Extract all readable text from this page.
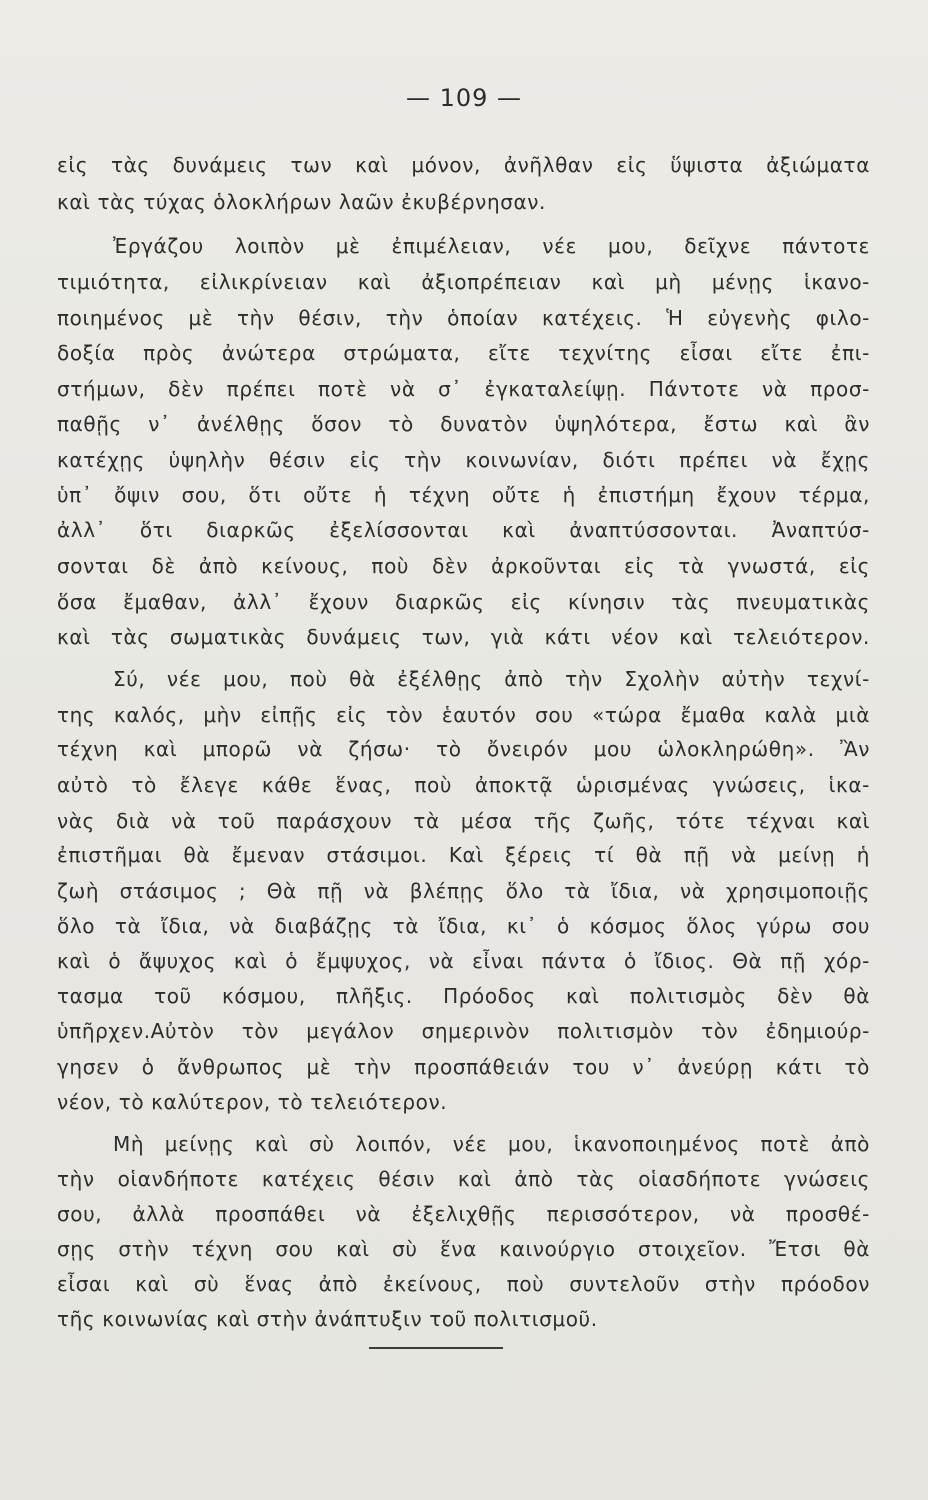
— 109 —
εἰς τὰς δυνάμεις των καὶ μόνον, ἀνῆλθαν εἰς ὕψιστα ἀξιώματα
καὶ τὰς τύχας ὁλοκλήρων λαῶν ἐκυβέρνησαν.
Ἐργάζου λοιπὸν μὲ ἐπιμέλειαν, νέε μου, δεῖχνε πάντοτε
τιμιότητα, εἰλικρίνειαν καὶ ἀξιοπρέπειαν καὶ μὴ μένῃς ἱκανο-
ποιημένος μὲ τὴν θέσιν, τὴν ὁποίαν κατέχεις. Ἡ εὐγενὴς φιλο-
δοξία πρὸς ἀνώτερα στρώματα, εἴτε τεχνίτης εἶσαι εἴτε ἐπι-
στήμων, δὲν πρέπει ποτὲ νὰ σ᾽ ἐγκαταλείψῃ. Πάντοτε νὰ προσ-
παθῇς ν᾽ ἀνέλθῃς ὅσον τὸ δυνατὸν ὑψηλότερα, ἔστω καὶ ἂν
κατέχῃς ὑψηλὴν θέσιν εἰς τὴν κοινωνίαν, διότι πρέπει νὰ ἔχῃς
ὑπ᾽ ὄψιν σου, ὅτι οὔτε ἡ τέχνη οὔτε ἡ ἐπιστήμη ἔχουν τέρμα,
ἀλλ᾽ ὅτι διαρκῶς ἐξελίσσονται καὶ ἀναπτύσσονται. Ἀναπτύσ-
σονται δὲ ἀπὸ κείνους, ποὺ δὲν ἀρκοῦνται εἰς τὰ γνωστά, εἰς
ὅσα ἔμαθαν, ἀλλ᾽ ἔχουν διαρκῶς εἰς κίνησιν τὰς πνευματικὰς
καὶ τὰς σωματικὰς δυνάμεις των, γιὰ κάτι νέον καὶ τελειότερον.
Σύ, νέε μου, ποὺ θὰ ἐξέλθῃς ἀπὸ τὴν Σχολὴν αὐτὴν τεχνί-
της καλός, μὴν εἰπῇς εἰς τὸν ἑαυτόν σου «τώρα ἔμαθα καλὰ μιὰ
τέχνη καὶ μπορῶ νὰ ζήσω· τὸ ὄνειρόν μου ὡλοκληρώθη». Ἂν
αὐτὸ τὸ ἔλεγε κάθε ἕνας, ποὺ ἀποκτᾷ ὡρισμένας γνώσεις, ἱκα-
νὰς διὰ νὰ τοῦ παράσχουν τὰ μέσα τῆς ζωῆς, τότε τέχναι καὶ
ἐπιστῆμαι θὰ ἔμεναν στάσιμοι. Καὶ ξέρεις τί θὰ πῇ νὰ μείνῃ ἡ
ζωὴ στάσιμος ; Θὰ πῇ νὰ βλέπῃς ὅλο τὰ ἴδια, νὰ χρησιμοποιῇς
ὅλο τὰ ἴδια, νὰ διαβάζῃς τὰ ἴδια, κι᾽ ὁ κόσμος ὅλος γύρω σου
καὶ ὁ ἄψυχος καὶ ὁ ἔμψυχος, νὰ εἶναι πάντα ὁ ἴδιος. Θὰ πῇ χόρ-
τασμα τοῦ κόσμου, πλῆξις. Πρόοδος καὶ πολιτισμὸς δὲν θὰ
ὑπῆρχεν.Αὐτὸν τὸν μεγάλον σημερινὸν πολιτισμὸν τὸν ἐδημιούρ-
γησεν ὁ ἄνθρωπος μὲ τὴν προσπάθειάν του ν᾽ ἀνεύρῃ κάτι τὸ
νέον, τὸ καλύτερον, τὸ τελειότερον.
Μὴ μείνῃς καὶ σὺ λοιπόν, νέε μου, ἱκανοποιημένος ποτὲ ἀπὸ
τὴν οἱανδήποτε κατέχεις θέσιν καὶ ἀπὸ τὰς οἱασδήποτε γνώσεις
σου, ἀλλὰ προσπάθει νὰ ἐξελιχθῇς περισσότερον, νὰ προσθέ-
σῃς στὴν τέχνη σου καὶ σὺ ἕνα καινούργιο στοιχεῖον. Ἔτσι θὰ
εἶσαι καὶ σὺ ἕνας ἀπὸ ἐκείνους, ποὺ συντελοῦν στὴν πρόοδον
τῆς κοινωνίας καὶ στὴν ἀνάπτυξιν τοῦ πολιτισμοῦ.
